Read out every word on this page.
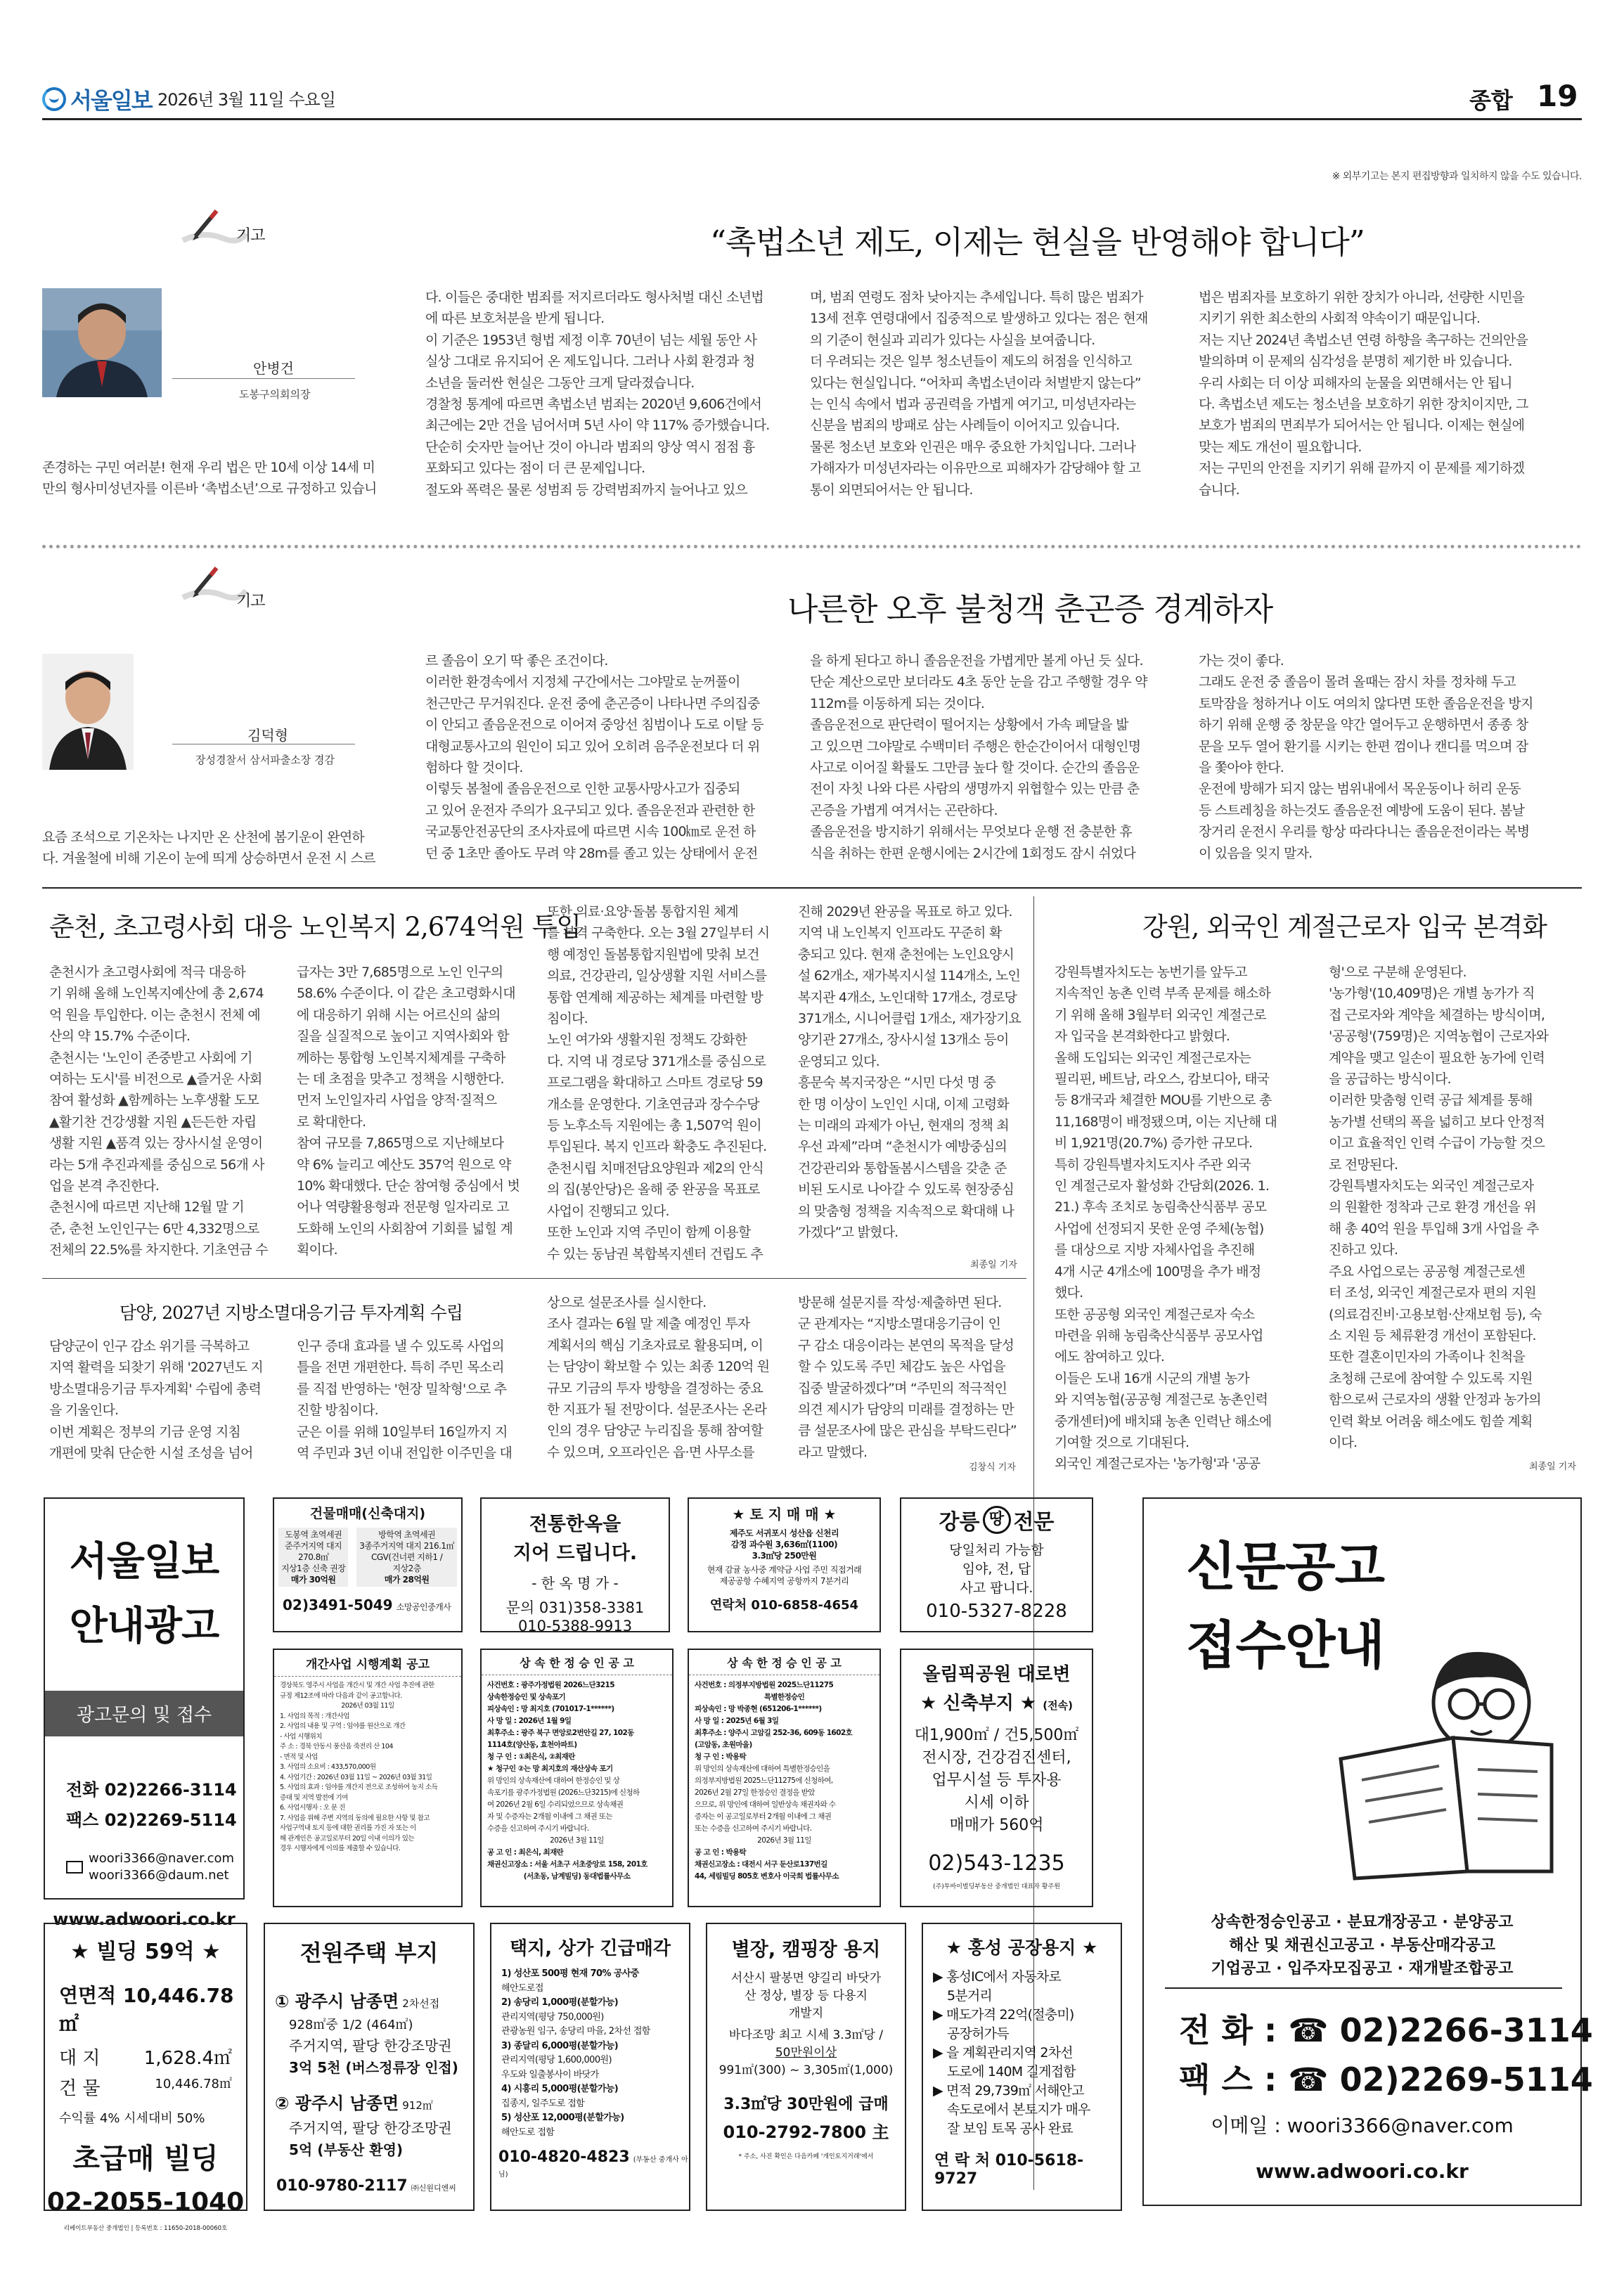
서울일보 2026년 3월 11일 수요일	종합 19
※ 외부기고는 본지 편집방향과 일치하지 않을 수도 있습니다.
기고	“촉법소년 제도, 이제는 현실을 반영해야 합니다”
안병건
도봉구의회의장

존경하는 구민 여러분! 현재 우리 법은 만 10세 이상 14세 미

만의 형사미성년자를 이른바 ‘촉법소년’으로 규정하고 있습니

다. 이들은 중대한 범죄를 저지르더라도 형사처벌 대신 소년법

에 따른 보호처분을 받게 됩니다.

이 기준은 1953년 형법 제정 이후 70년이 넘는 세월 동안 사

실상 그대로 유지되어 온 제도입니다. 그러나 사회 환경과 청

소년을 둘러싼 현실은 그동안 크게 달라졌습니다.

경찰청 통계에 따르면 촉법소년 범죄는 2020년 9,606건에서

최근에는 2만 건을 넘어서며 5년 사이 약 117% 증가했습니다.

단순히 숫자만 늘어난 것이 아니라 범죄의 양상 역시 점점 흉

포화되고 있다는 점이 더 큰 문제입니다.

절도와 폭력은 물론 성범죄 등 강력범죄까지 늘어나고 있으

며, 범죄 연령도 점차 낮아지는 추세입니다. 특히 많은 범죄가

13세 전후 연령대에서 집중적으로 발생하고 있다는 점은 현재

의 기준이 현실과 괴리가 있다는 사실을 보여줍니다.

더 우려되는 것은 일부 청소년들이 제도의 허점을 인식하고

있다는 현실입니다. “어차피 촉법소년이라 처벌받지 않는다”

는 인식 속에서 법과 공권력을 가볍게 여기고, 미성년자라는

신분을 범죄의 방패로 삼는 사례들이 이어지고 있습니다.

물론 청소년 보호와 인권은 매우 중요한 가치입니다. 그러나

가해자가 미성년자라는 이유만으로 피해자가 감당해야 할 고

통이 외면되어서는 안 됩니다.

법은 범죄자를 보호하기 위한 장치가 아니라, 선량한 시민을

지키기 위한 최소한의 사회적 약속이기 때문입니다.

저는 지난 2024년 촉법소년 연령 하향을 촉구하는 건의안을

발의하며 이 문제의 심각성을 분명히 제기한 바 있습니다.

우리 사회는 더 이상 피해자의 눈물을 외면해서는 안 됩니

다. 촉법소년 제도는 청소년을 보호하기 위한 장치이지만, 그

보호가 범죄의 면죄부가 되어서는 안 됩니다. 이제는 현실에

맞는 제도 개선이 필요합니다.

저는 구민의 안전을 지키기 위해 끝까지 이 문제를 제기하겠

습니다.

기고	나른한 오후 불청객 춘곤증 경계하자
김덕형
장성경찰서 삼서파출소장 경감

요즘 조석으로 기온차는 나지만 온 산천에 봄기운이 완연하

다. 겨울철에 비해 기온이 눈에 띄게 상승하면서 운전 시 스르

르 졸음이 오기 딱 좋은 조건이다.

이러한 환경속에서 지정체 구간에서는 그야말로 눈꺼풀이

천근만근 무거워진다. 운전 중에 춘곤증이 나타나면 주의집중

이 안되고 졸음운전으로 이어져 중앙선 침범이나 도로 이탈 등

대형교통사고의 원인이 되고 있어 오히려 음주운전보다 더 위

험하다 할 것이다.

이렇듯 봄철에 졸음운전으로 인한 교통사망사고가 집중되

고 있어 운전자 주의가 요구되고 있다. 졸음운전과 관련한 한

국교통안전공단의 조사자료에 따르면 시속 100㎞로 운전 하

던 중 1초만 졸아도 무려 약 28m를 졸고 있는 상태에서 운전

을 하게 된다고 하니 졸음운전을 가볍게만 볼게 아닌 듯 싶다.

단순 계산으로만 보더라도 4초 동안 눈을 감고 주행할 경우 약

112m를 이동하게 되는 것이다.

졸음운전으로 판단력이 떨어지는 상황에서 가속 페달을 밟

고 있으면 그야말로 수백미터 주행은 한순간이어서 대형인명

사고로 이어질 확률도 그만큼 높다 할 것이다. 순간의 졸음운

전이 자칫 나와 다른 사람의 생명까지 위협할수 있는 만큼 춘

곤증을 가볍게 여겨서는 곤란하다.

졸음운전을 방지하기 위해서는 무엇보다 운행 전 충분한 휴

식을 취하는 한편 운행시에는 2시간에 1회정도 잠시 쉬었다

가는 것이 좋다.

그래도 운전 중 졸음이 몰려 올때는 잠시 차를 정차해 두고

토막잠을 청하거나 이도 여의치 않다면 또한 졸음운전을 방지

하기 위해 운행 중 창문을 약간 열어두고 운행하면서 종종 창

문을 모두 열어 환기를 시키는 한편 껌이나 캔디를 먹으며 잠

을 쫓아야 한다.

운전에 방해가 되지 않는 범위내에서 목운동이나 허리 운동

등 스트레칭을 하는것도 졸음운전 예방에 도움이 된다. 봄날

장거리 운전시 우리를 항상 따라다니는 졸음운전이라는 복병

이 있음을 잊지 말자.

춘천, 초고령사회 대응 노인복지 2,674억원 투입

춘천시가 초고령사회에 적극 대응하

기 위해 올해 노인복지예산에 총 2,674

억 원을 투입한다. 이는 춘천시 전체 예

산의 약 15.7% 수준이다.

춘천시는 '노인이 존중받고 사회에 기

여하는 도시'를 비전으로 ▲즐거운 사회

참여 활성화 ▲함께하는 노후생활 도모

▲활기찬 건강생활 지원 ▲든든한 자립

생활 지원 ▲품격 있는 장사시설 운영이

라는 5개 추진과제를 중심으로 56개 사

업을 본격 추진한다.

춘천시에 따르면 지난해 12월 말 기

준, 춘천 노인인구는 6만 4,332명으로

전체의 22.5%를 차지한다. 기초연금 수

급자는 3만 7,685명으로 노인 인구의

58.6% 수준이다. 이 같은 초고령화시대

에 대응하기 위해 시는 어르신의 삶의

질을 실질적으로 높이고 지역사회와 함

께하는 통합형 노인복지체계를 구축하

는 데 초점을 맞추고 정책을 시행한다.

먼저 노인일자리 사업을 양적·질적으

로 확대한다.

참여 규모를 7,865명으로 지난해보다

약 6% 늘리고 예산도 357억 원으로 약

10% 확대했다. 단순 참여형 중심에서 벗

어나 역량활용형과 전문형 일자리로 고

도화해 노인의 사회참여 기회를 넓힐 계

획이다.

또한 의료·요양·돌봄 통합지원 체계

를 본격 구축한다. 오는 3월 27일부터 시

행 예정인 돌봄통합지원법에 맞춰 보건

의료, 건강관리, 일상생활 지원 서비스를

통합 연계해 제공하는 체계를 마련할 방

침이다.

노인 여가와 생활지원 정책도 강화한

다. 지역 내 경로당 371개소를 중심으로

프로그램을 확대하고 스마트 경로당 59

개소를 운영한다. 기초연금과 장수수당

등 노후소득 지원에는 총 1,507억 원이

투입된다. 복지 인프라 확충도 추진된다.

춘천시립 치매전담요양원과 제2의 안식

의 집(봉안당)은 올해 중 완공을 목표로

사업이 진행되고 있다.

또한 노인과 지역 주민이 함께 이용할

수 있는 동남권 복합복지센터 건립도 추

진해 2029년 완공을 목표로 하고 있다.

지역 내 노인복지 인프라도 꾸준히 확

충되고 있다. 현재 춘천에는 노인요양시

설 62개소, 재가복지시설 114개소, 노인

복지관 4개소, 노인대학 17개소, 경로당

371개소, 시니어클럽 1개소, 재가장기요

양기관 27개소, 장사시설 13개소 등이

운영되고 있다.

흥문숙 복지국장은 “시민 다섯 명 중

한 명 이상이 노인인 시대, 이제 고령화

는 미래의 과제가 아닌, 현재의 정책 최

우선 과제”라며 “춘천시가 예방중심의

건강관리와 통합돌봄시스템을 갖춘 준

비된 도시로 나아갈 수 있도록 현장중심

의 맞춤형 정책을 지속적으로 확대해 나

가겠다”고 밝혔다.

최종일 기자
강원, 외국인 계절근로자 입국 본격화

강원특별자치도는 농번기를 앞두고

지속적인 농촌 인력 부족 문제를 해소하

기 위해 올해 3월부터 외국인 계절근로

자 입국을 본격화한다고 밝혔다.

올해 도입되는 외국인 계절근로자는

필리핀, 베트남, 라오스, 캄보디아, 태국

등 8개국과 체결한 MOU를 기반으로 총

11,168명이 배정됐으며, 이는 지난해 대

비 1,921명(20.7%) 증가한 규모다.

특히 강원특별자치도지사 주관 외국

인 계절근로자 활성화 간담회(2026. 1.

21.) 후속 조치로 농림축산식품부 공모

사업에 선정되지 못한 운영 주체(농협)

를 대상으로 지방 자체사업을 추진해

4개 시군 4개소에 100명을 추가 배정

했다.

또한 공공형 외국인 계절근로자 숙소

마련을 위해 농림축산식품부 공모사업

에도 참여하고 있다.

이들은 도내 16개 시군의 개별 농가

와 지역농협(공공형 계절근로 농촌인력

중개센터)에 배치돼 농촌 인력난 해소에

기여할 것으로 기대된다.

외국인 계절근로자는 '농가형'과 '공공

형'으로 구분해 운영된다.

'농가형'(10,409명)은 개별 농가가 직

접 근로자와 계약을 체결하는 방식이며,

'공공형'(759명)은 지역농협이 근로자와

계약을 맺고 일손이 필요한 농가에 인력

을 공급하는 방식이다.

이러한 맞춤형 인력 공급 체계를 통해

농가별 선택의 폭을 넓히고 보다 안정적

이고 효율적인 인력 수급이 가능할 것으

로 전망된다.

강원특별자치도는 외국인 계절근로자

의 원활한 정착과 근로 환경 개선을 위

해 총 40억 원을 투입해 3개 사업을 추

진하고 있다.

주요 사업으로는 공공형 계절근로센

터 조성, 외국인 계절근로자 편의 지원

(의료검진비·고용보험·산재보험 등), 숙

소 지원 등 체류환경 개선이 포함된다.

또한 결혼이민자의 가족이나 친척을

초청해 근로에 참여할 수 있도록 지원

함으로써 근로자의 생활 안정과 농가의

인력 확보 어려움 해소에도 힘쓸 계획

이다.

최종일 기자
담양, 2027년 지방소멸대응기금 투자계획 수립

담양군이 인구 감소 위기를 극복하고

지역 활력을 되찾기 위해 '2027년도 지

방소멸대응기금 투자계획' 수립에 총력

을 기울인다.

이번 계획은 정부의 기금 운영 지침

개편에 맞춰 단순한 시설 조성을 넘어

인구 증대 효과를 낼 수 있도록 사업의

틀을 전면 개편한다. 특히 주민 목소리

를 직접 반영하는 '현장 밀착형'으로 추

진할 방침이다.

군은 이를 위해 10일부터 16일까지 지

역 주민과 3년 이내 전입한 이주민을 대

상으로 설문조사를 실시한다.

조사 결과는 6월 말 제출 예정인 투자

계획서의 핵심 기초자료로 활용되며, 이

는 담양이 확보할 수 있는 최종 120억 원

규모 기금의 투자 방향을 결정하는 중요

한 지표가 될 전망이다. 설문조사는 온라

인의 경우 담양군 누리집을 통해 참여할

수 있으며, 오프라인은 읍·면 사무소를

방문해 설문지를 작성·제출하면 된다.

군 관계자는 “지방소멸대응기금이 인

구 감소 대응이라는 본연의 목적을 달성

할 수 있도록 주민 체감도 높은 사업을

집중 발굴하겠다”며 “주민의 적극적인

의견 제시가 담양의 미래를 결정하는 만

큼 설문조사에 많은 관심을 부탁드린다”

라고 말했다.

김창식 기자
서울일보
안내광고
광고문의 및 접수
전화 02)2266-3114
팩스 02)2269-5114
woori3366@naver.com
woori3366@daum.net
www.adwoori.co.kr
건물매매(신축대지)
도봉역 초역세권
준주거지역 대지
270.8㎡
지상1층 신축 권장
매가 30억원
방학역 초역세권
3종주거지역 대지 216.1㎡
CGV(건너편 지하1 /
지상2층
매가 28억원
02)3491-5049 소망공인중개사
전통한옥을
지어 드립니다.
- 한 옥 명 가 -
문의 031)358-3381
010-5388-9913
★ 토 지 매 매 ★
제주도 서귀포시 성산읍 신천리
감정 과수원 3,636㎡(1100)
3.3㎡당 250만원
현재 감귤 농사중 계약금 사업 주민 직접거래
제공공항 수혜지역 공항까지 7분거리
연락처 010-6858-4654
강릉 땅 전문
당일처리 가능함
임야, 전, 답
사고 팝니다.
010-5327-8228
신문공고
접수안내
상속한정승인공고 · 분묘개장공고 · 분양공고
해산 및 채권신고공고 · 부동산매각공고
기업공고 · 입주자모집공고 · 재개발조합공고
전 화 : ☎ 02)2266-3114
팩 스 : ☎ 02)2269-5114
이메일 : woori3366@naver.com
www.adwoori.co.kr
개간사업 시행계획 공고
경상북도 영주시 사업을 개간시 및 개간 사업 추진에 관한
규정 제12조에 따라 다음과 같이 공고합니다.
2026년 03월 11일
1. 사업의 목적 : 개간사업
2. 사업의 내용 및 구역 : 임야를 원산으로 개간
- 사업 시행위치
주 소 : 경북 안동시 풍산읍 죽전리 산 104
- 면적 및 사업
3. 사업의 소요비 : 433,570,000원
4. 사업기간 : 2026년 03월 11일 ~ 2026년 03월 31일
5. 사업의 효과 : 임야를 개간지 전으로 조성하여 농지 소득
증대 및 지역 발전에 기여
6. 사업시행자 : 오 문 진
7. 사업을 위해 주변 지역의 동의에 필요한 사항 및 참고
사업구역내 토지 등에 대한 권리를 가진 자 또는 이
해 관계인은 공고일로부터 20일 이내 이의가 있는
경우 시행자에게 이의를 제출할 수 있습니다.
상 속 한 정 승 인 공 고
사건번호 : 광주가정법원 2026느단3215
상속한정승인 및 상속포기
피상속인 : 망 최지호 (701017-1******)
사 망 일 : 2026년 1월 9일
최후주소 : 광주 북구 면앙로2번안길 27, 102동
1114호(양산동, 효천아파트)
청 구 인 : ①최은식, ②최재란
★ 청구인 ②는 망 최지호의 재산상속 포기
위 망인의 상속재산에 대하여 한정승인 및 상
속포기를 광주가정법원 (2026느단3215)에 신청하
여 2026년 2월 6일 수리되었으므로 상속채권
자 및 수증자는 2개월 이내에 그 채권 또는
수증을 신고하여 주시기 바랍니다.
2026년 3월 11일
공 고 인 : 최은식, 최재란
채권신고장소 : 서울 서초구 서초중앙로 158, 201호
(서초동, 남계빌딩) 동대법률사무소
상 속 한 정 승 인 공 고
사건번호 : 의정부지방법원 2025느단11275
특별한정승인
피상속인 : 망 박종현 (651206-1******)
사 망 일 : 2025년 6월 3일
최후주소 : 양주시 고암길 252-36, 609동 1602호
(고암동, 초원마을)
청 구 인 : 박용탁
위 망인의 상속재산에 대하여 특별한정승인을
의정부지방법원 2025느단11275에 신청하여,
2026년 2월 27일 한정승인 결정을 받았
으므로, 위 망인에 대하여 일반상속 채권자와 수
증자는 이 공고일로부터 2개월 이내에 그 채권
또는 수증을 신고하여 주시기 바랍니다.
2026년 3월 11일
공 고 인 : 박용탁
채권신고장소 : 대전시 서구 둔산로137번길
44, 세림빌딩 805호 변호사 이국희 법률사무소
올림픽공원 대로변
★ 신축부지 ★ (전속)
대1,900㎡ / 건5,500㎡
전시장, 건강검진센터,
업무시설 등 투자용
시세 이하
매매가 560억
02)543-1235
(주)투바이벌딩부동산 중개법인 대표자 황주원
★ 빌딩 59억 ★
연면적 10,446.78㎡
대 지 1,628.4㎡
건 물	10,446.78㎡
수익률 4% 시세대비 50%
초급매 빌딩
02-2055-1040
리베이트부동산 중개법인 | 등록번호 : 11650-2018-00060호
전원주택 부지
① 광주시 남종면 2차선접
928㎡중 1/2 (464㎡)
주거지역, 팔당 한강조망권
3억 5천 (버스정류장 인접)
② 광주시 남종면 912㎡
주거지역, 팔당 한강조망권
5억 (부동산 환영)
010-9780-2117 ㈜신원디엔씨
택지, 상가 긴급매각
1) 성산포 500평 현재 70% 공사중
해안도로접
2) 송당리 1,000평(분할가능)
관리지역(평당 750,000원)
관광농원 임구, 송당리 마을, 2차선 접함
3) 종달리 6,000평(분할가능)
관리지역(평당 1,600,000원)
우도와 일출봉사이 바닷가
4) 시흥리 5,000평(분할가능)
집종지, 일주도로 접함
5) 성산포 12,000평(분할가능)
해안도로 접함
010-4820-4823 (부동산 중개사 아님)
별장, 캠핑장 용지
서산시 팔봉면 양길리 바닷가
산 정상, 별장 등 다용지
개발지
바다조망 최고 시세 3.3㎡당 /
50만원이상
991㎡(300) ~ 3,305㎡(1,000)
3.3㎡당 30만원에 급매
010-2792-7800 主
* 주소, 사진 확인은 다음카페 '개인토지거래'에서
★ 홍성 공장용지 ★
▶ 홍성IC에서 자동차로
5분거리
▶ 매도가격 22억(절충미)
공장허가득
▶ 을 계획관리지역 2차선
도로에 140M 길게접함
▶ 면적 29,739㎡ 서해안고
속도로에서 본토지가 매우
잘 보임 토목 공사 완료
연 락 처 010-5618-9727
